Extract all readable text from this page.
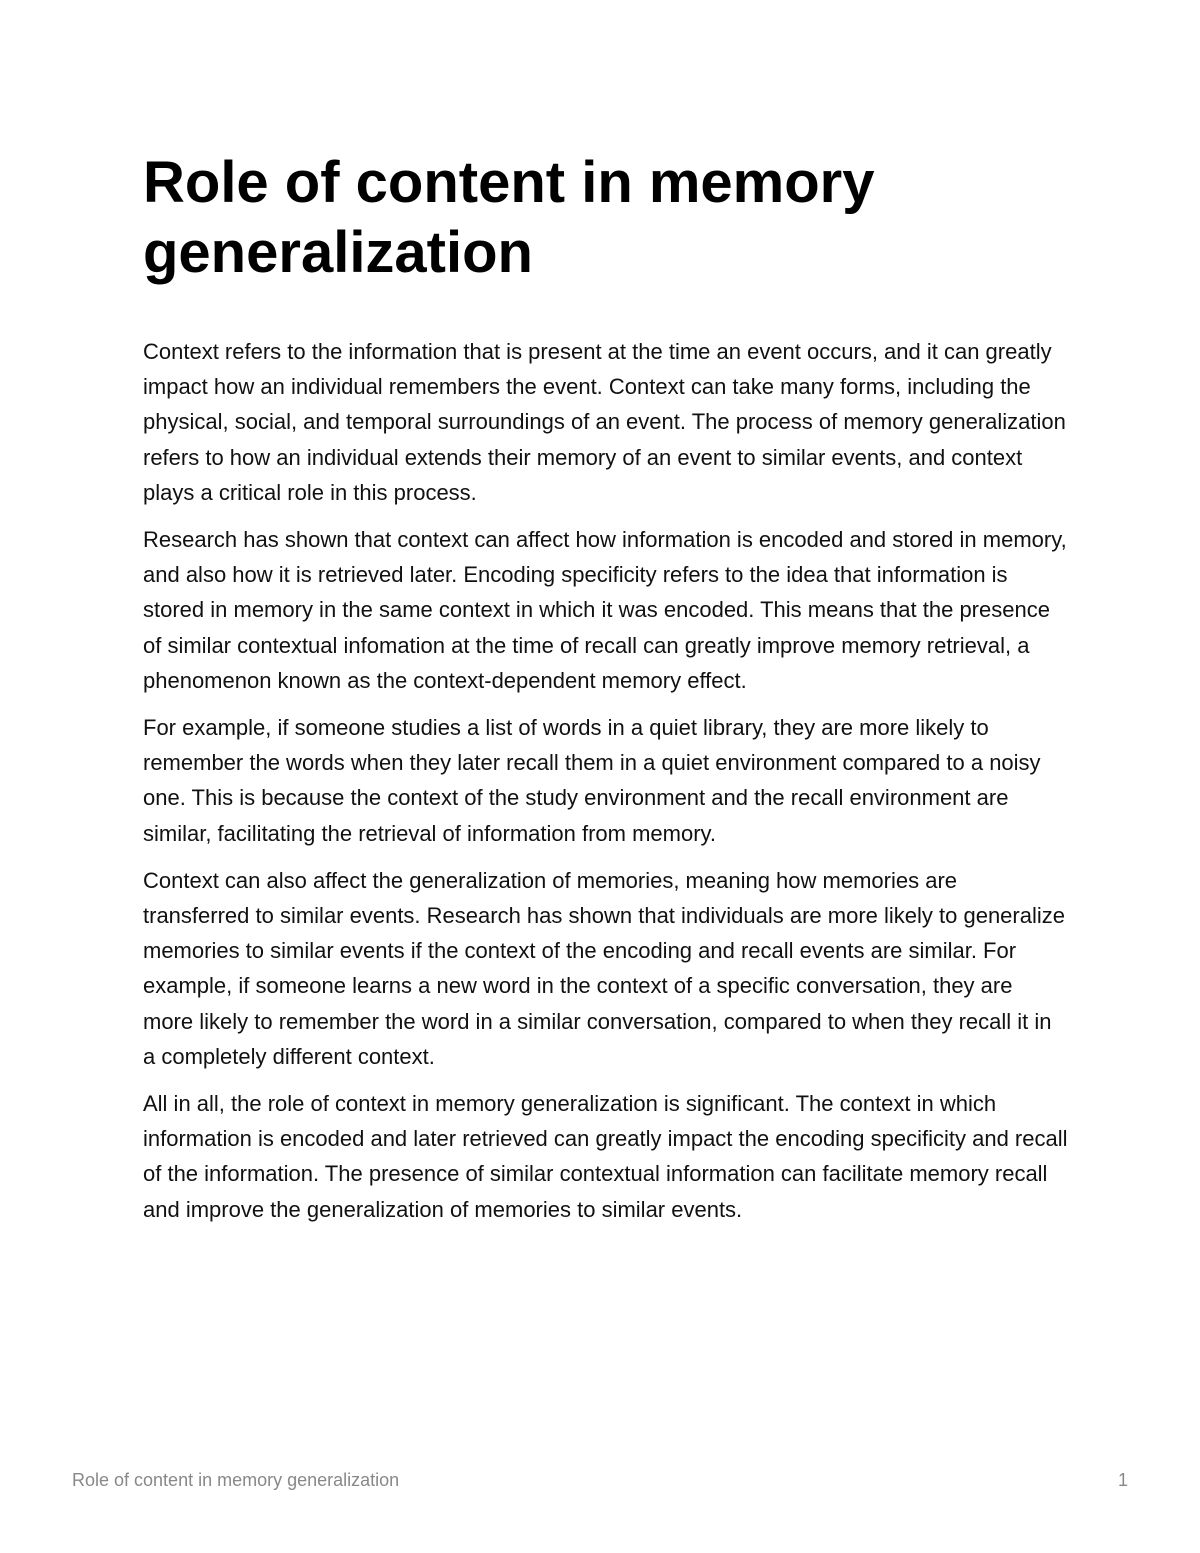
Role of content in memory generalization

Context refers to the information that is present at the time an event occurs, and it can greatly impact how an individual remembers the event. Context can take many forms, including the physical, social, and temporal surroundings of an event. The process of memory generalization refers to how an individual extends their memory of an event to similar events, and context plays a critical role in this process.

Research has shown that context can affect how information is encoded and stored in memory, and also how it is retrieved later. Encoding specificity refers to the idea that information is stored in memory in the same context in which it was encoded. This means that the presence of similar contextual infomation at the time of recall can greatly improve memory retrieval, a phenomenon known as the context-dependent memory effect.

For example, if someone studies a list of words in a quiet library, they are more likely to remember the words when they later recall them in a quiet environment compared to a noisy one. This is because the context of the study environment and the recall environment are similar, facilitating the retrieval of information from memory.

Context can also affect the generalization of memories, meaning how memories are transferred to similar events. Research has shown that individuals are more likely to generalize memories to similar events if the context of the encoding and recall events are similar. For example, if someone learns a new word in the context of a specific conversation, they are more likely to remember the word in a similar conversation, compared to when they recall it in a completely different context.

All in all, the role of context in memory generalization is significant. The context in which information is encoded and later retrieved can greatly impact the encoding specificity and recall of the information. The presence of similar contextual information can facilitate memory recall and improve the generalization of memories to similar events.

Role of content in memory generalization	1
